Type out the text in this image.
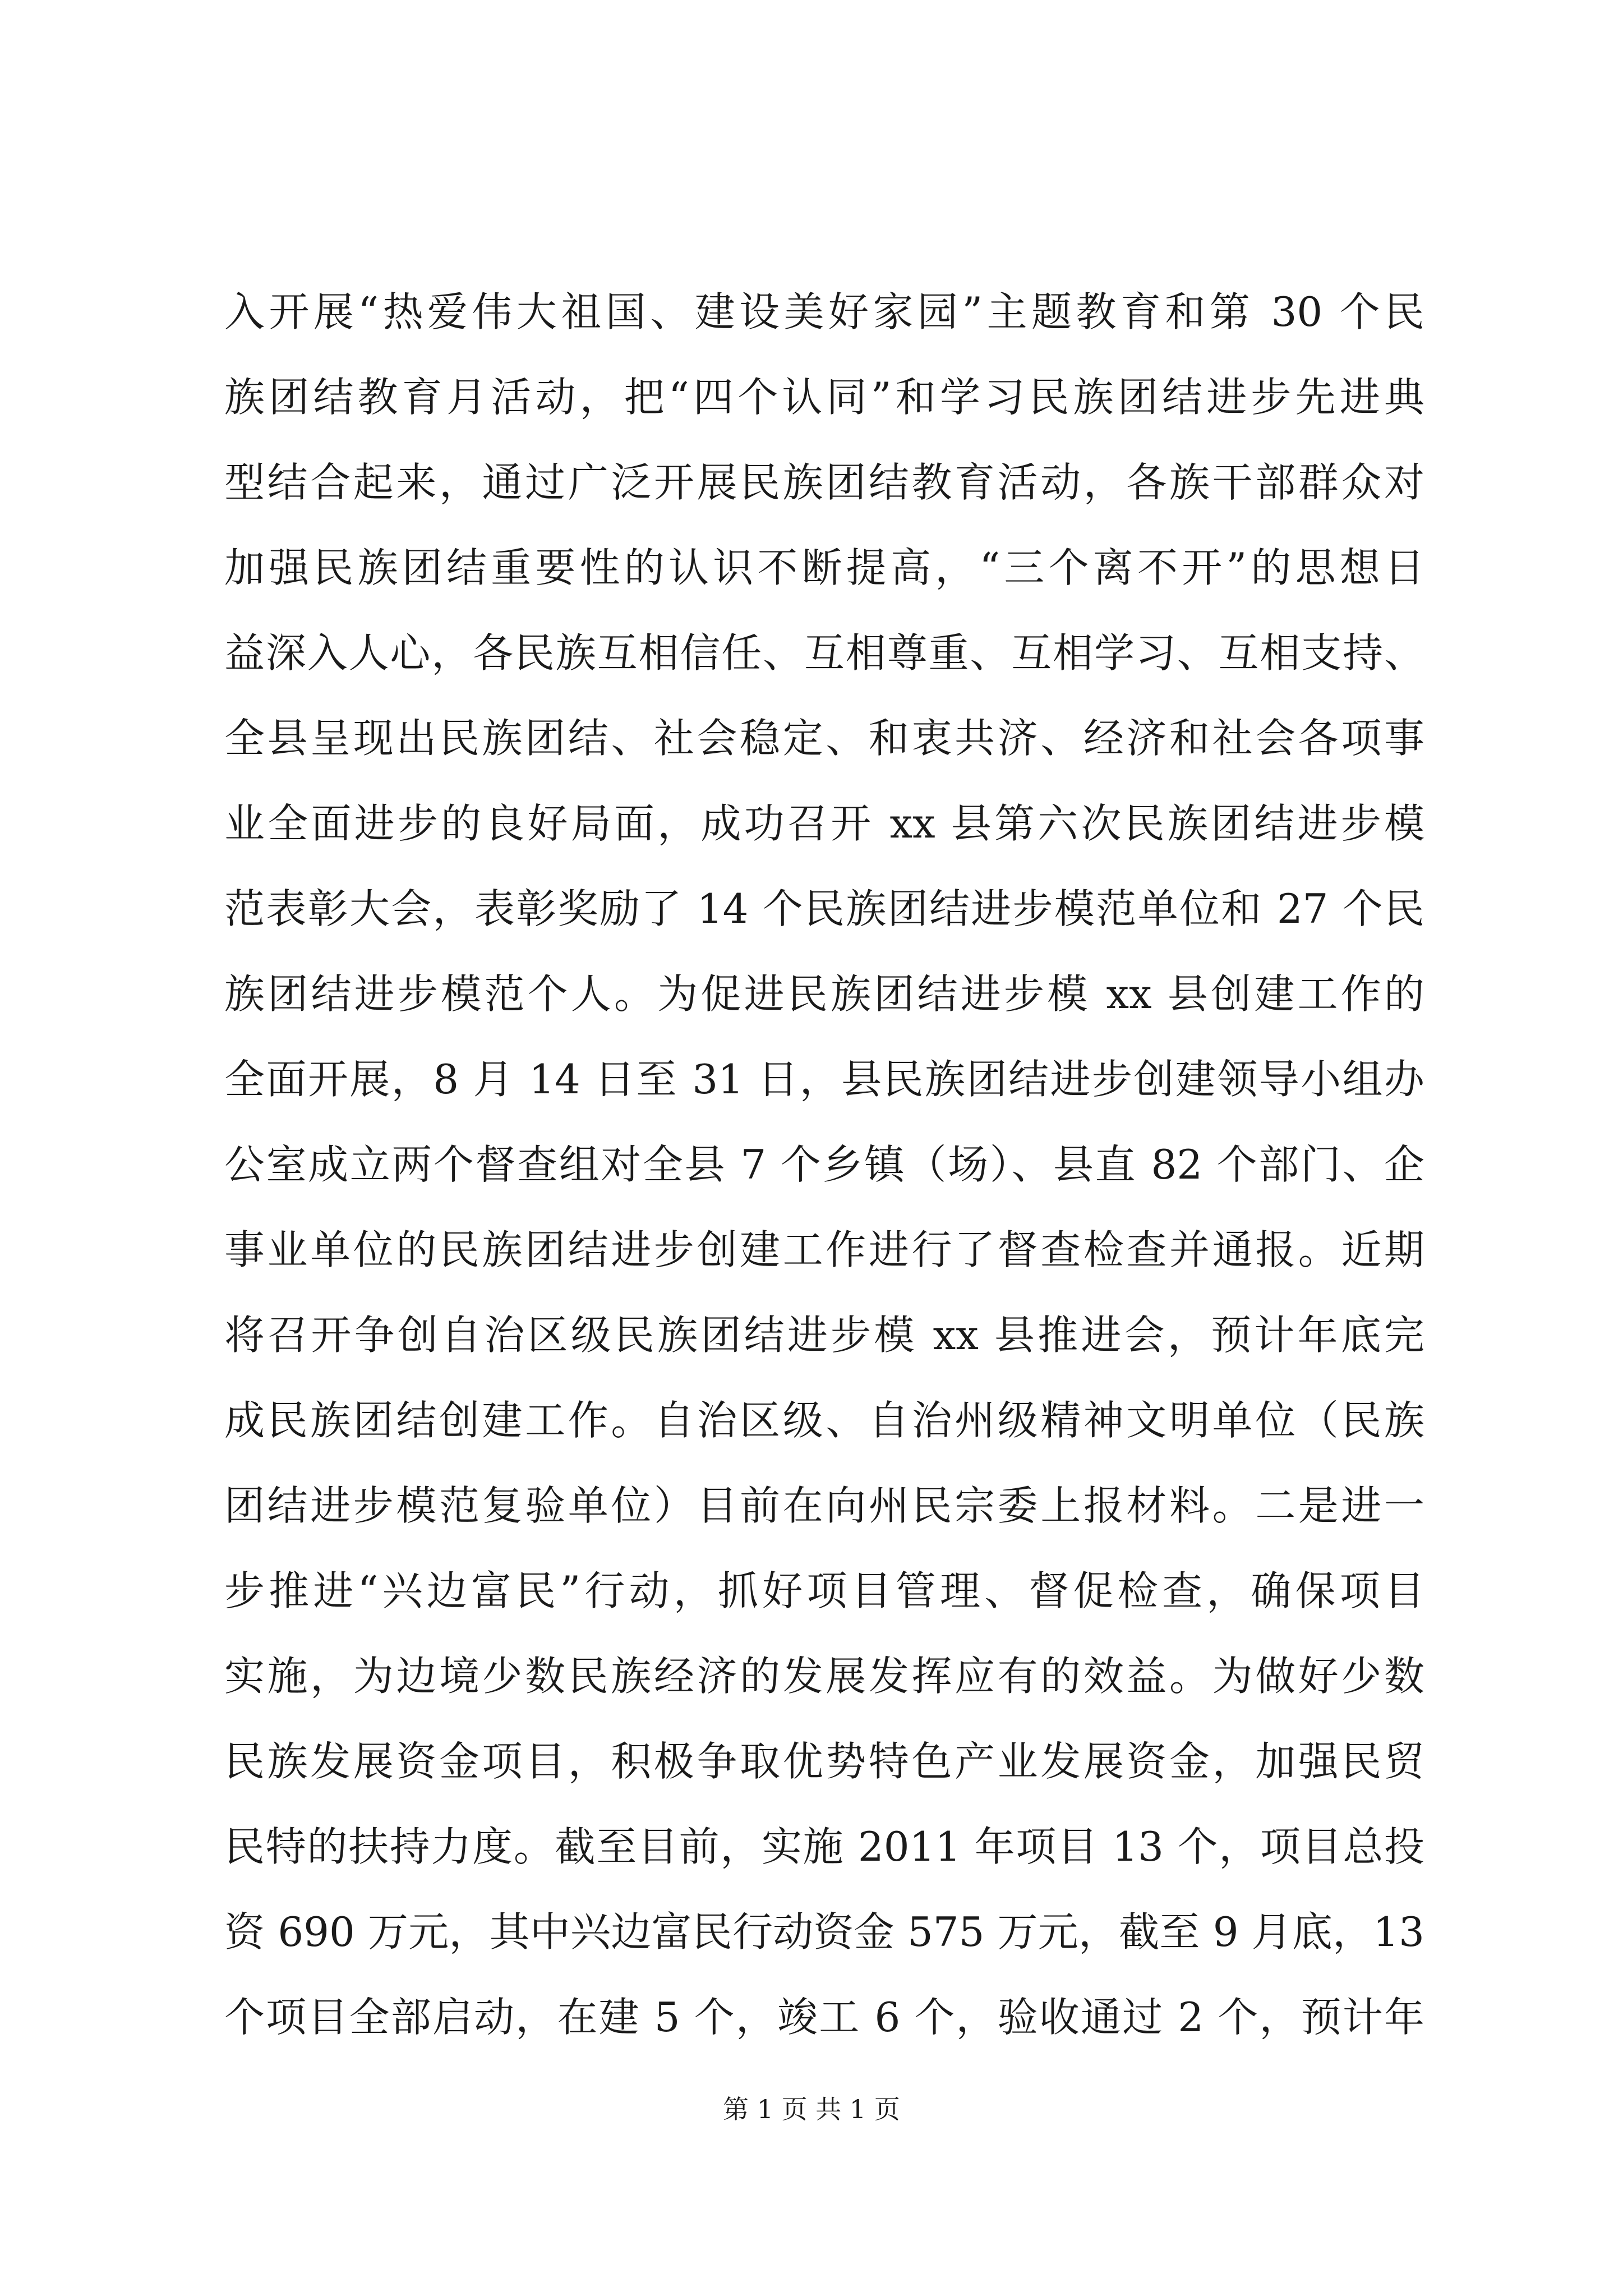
入开展“热爱伟大祖国、建设美好家园”主题教育和第 30 个民
族团结教育月活动，把“四个认同”和学习民族团结进步先进典
型结合起来，通过广泛开展民族团结教育活动，各族干部群众对
加强民族团结重要性的认识不断提高，“三个离不开”的思想日
益深入人心，各民族互相信任、互相尊重、互相学习、互相支持、
全县呈现出民族团结、社会稳定、和衷共济、经济和社会各项事
业全面进步的良好局面，成功召开 xx 县第六次民族团结进步模
范表彰大会，表彰奖励了 14 个民族团结进步模范单位和 27 个民
族团结进步模范个人。为促进民族团结进步模 xx 县创建工作的
全面开展，8 月 14 日至 31 日，县民族团结进步创建领导小组办
公室成立两个督查组对全县 7 个乡镇（场）、县直 82 个部门、企
事业单位的民族团结进步创建工作进行了督查检查并通报。近期
将召开争创自治区级民族团结进步模 xx 县推进会，预计年底完
成民族团结创建工作。自治区级、自治州级精神文明单位（民族
团结进步模范复验单位）目前在向州民宗委上报材料。二是进一
步推进“兴边富民”行动，抓好项目管理、督促检查，确保项目
实施，为边境少数民族经济的发展发挥应有的效益。为做好少数
民族发展资金项目，积极争取优势特色产业发展资金，加强民贸
民特的扶持力度。截至目前，实施 2011 年项目 13 个，项目总投
资 690 万元，其中兴边富民行动资金 575 万元，截至 9 月底，13
个项目全部启动，在建 5 个，竣工 6 个，验收通过 2 个，预计年
第 1 页 共 1 页
